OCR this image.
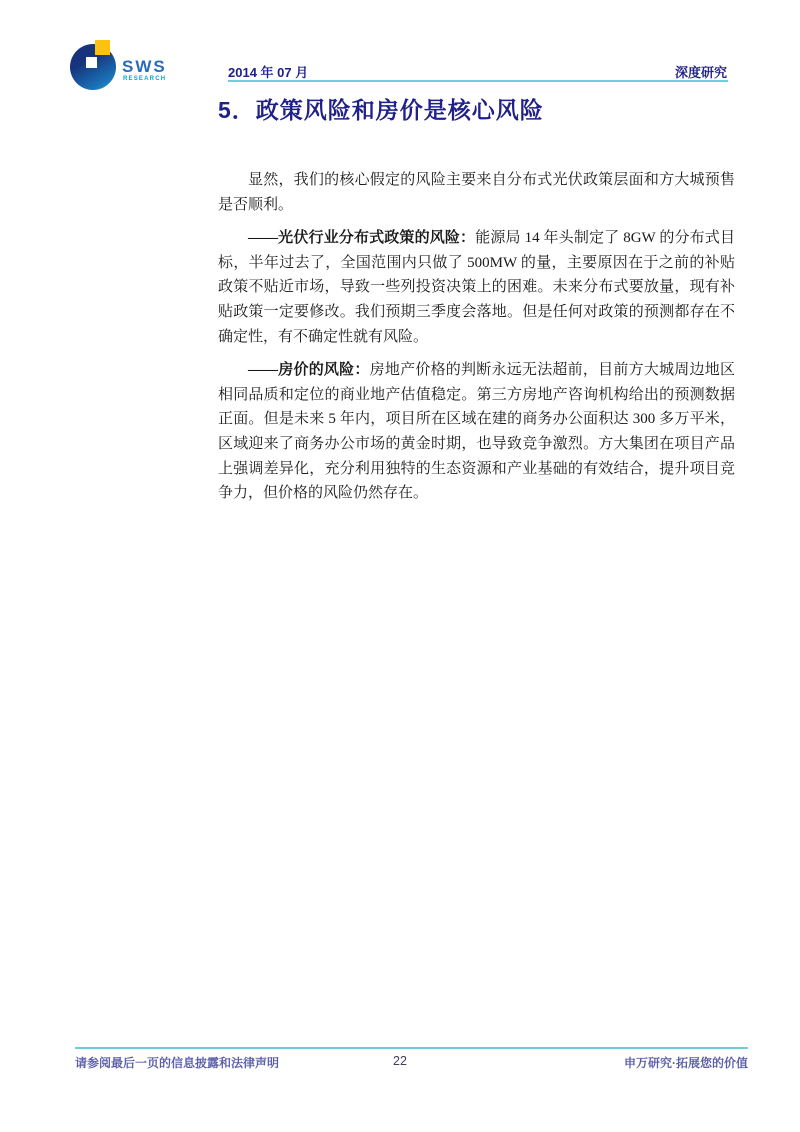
SWS
RESEARCH	2014 年 07 月	深度研究
5．政策风险和房价是核心风险

显然，我们的核心假定的风险主要来自分布式光伏政策层面和方大城预售是否顺利。

——光伏行业分布式政策的风险：能源局 14 年头制定了 8GW 的分布式目标，半年过去了，全国范围内只做了 500MW 的量，主要原因在于之前的补贴政策不贴近市场，导致一些列投资决策上的困难。未来分布式要放量，现有补贴政策一定要修改。我们预期三季度会落地。但是任何对政策的预测都存在不确定性，有不确定性就有风险。

——房价的风险：房地产价格的判断永远无法超前，目前方大城周边地区相同品质和定位的商业地产估值稳定。第三方房地产咨询机构给出的预测数据正面。但是未来 5 年内，项目所在区域在建的商务办公面积达 300 多万平米，区域迎来了商务办公市场的黄金时期，也导致竞争激烈。方大集团在项目产品上强调差异化，充分利用独特的生态资源和产业基础的有效结合，提升项目竞争力，但价格的风险仍然存在。

请参阅最后一页的信息披露和法律声明	22	申万研究·拓展您的价值
